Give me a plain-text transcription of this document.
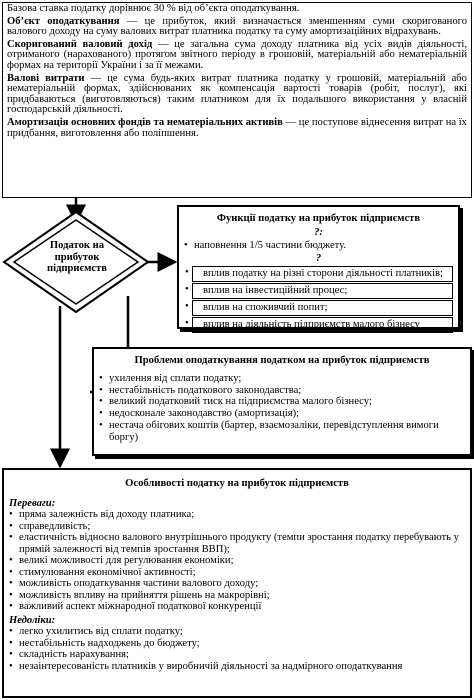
Базова ставка податку дорівнює 30 % від об’єкта оподаткування.

Об’єкт оподаткування — це прибуток, який визначається зменшенням суми скоригованого валового доходу на суму валових витрат платника податку та суму амортизаційних відрахувань.

Скоригований валовий дохід — це загальна сума доходу платника від усіх видів діяльності, отриманого (нарахованого) протягом звітного періоду в грошовій, матеріальній або нематеріальній формах на території України і за її межами.

Валові витрати — це сума будь-яких витрат платника податку у грошовій, матеріальній або нематеріальній формах, здійснюваних як компенсація вартості товарів (робіт, послуг), які придбаваються (виготовляються) таким платником для їх подальшого використання у власній господарській діяльності.

Амортизація основних фондів та нематеріальних активів — це поступове віднесення витрат на їх придбання, виготовлення або поліпшення.

Податок на прибуток підприємств
Функції податку на прибуток підприємств
?:
• наповнення 1/5 частини бюджету.
?
• вплив податку на різні сторони діяльності платників;
• вплив на інвестиційний процес;
• вплив на споживчий попит;
• вплив на діяльність підприємств малого бізнесу
Проблеми оподаткування податком на прибуток підприємств
• ухилення від сплати податку;
• нестабільність податкового законодавства;
• великий податковий тиск на підприємства малого бізнесу;
• недосконале законодавство (амортизація);
• нестача обігових коштів (бартер, взаємозаліки, перевідступлення вимоги боргу)
Особливості податку на прибуток підприємств
Переваги:
• пряма залежність від доходу платника;
• справедливість;
• еластичність відносно валового внутрішнього продукту (темпи зростання податку перебувають у прямій залежності від темпів зростання ВВП);
• великі можливості для регулювання економіки;
• стимулювання економічної активності;
• можливість оподаткування частини валового доходу;
• можливість впливу на прийняття рішень на макрорівні;
• важливий аспект міжнародної податкової конкуренції
Недоліки:
• легко ухилитись від сплати податку;
• нестабільність надходжень до бюджету;
• складність нарахування;
• незаінтересованість платників у виробничій діяльності за надмірного оподаткування
